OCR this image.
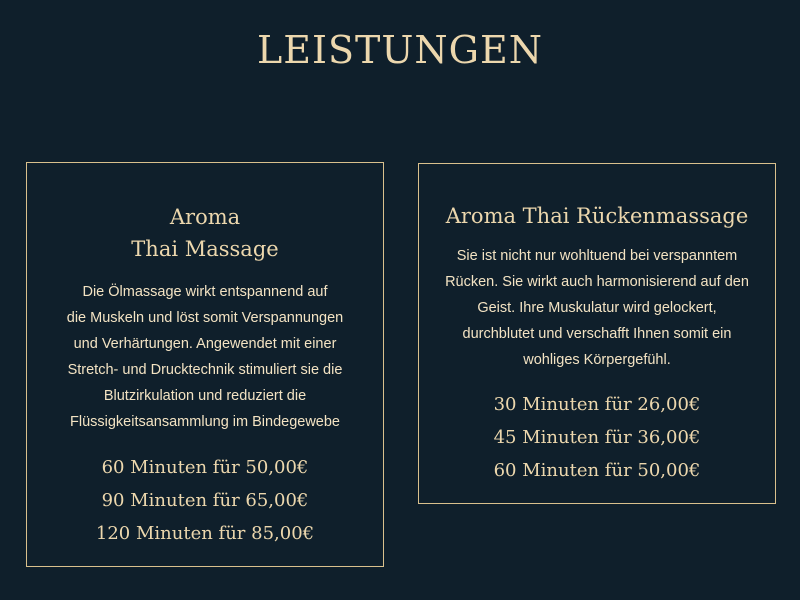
LEISTUNGEN
Aroma
Thai Massage
Die Ölmassage wirkt entspannend auf
die Muskeln und löst somit Verspannungen
und Verhärtungen. Angewendet mit einer
Stretch- und Drucktechnik stimuliert sie die
Blutzirkulation und reduziert die
Flüssigkeitsansammlung im Bindegewebe
60 Minuten für 50,00€
90 Minuten für 65,00€
120 Minuten für 85,00€
Aroma Thai Rückenmassage
Sie ist nicht nur wohltuend bei verspanntem
Rücken. Sie wirkt auch harmonisierend auf den
Geist. Ihre Muskulatur wird gelockert,
durchblutet und verschafft Ihnen somit ein
wohliges Körpergefühl.
30 Minuten für 26,00€
45 Minuten für 36,00€
60 Minuten für 50,00€
